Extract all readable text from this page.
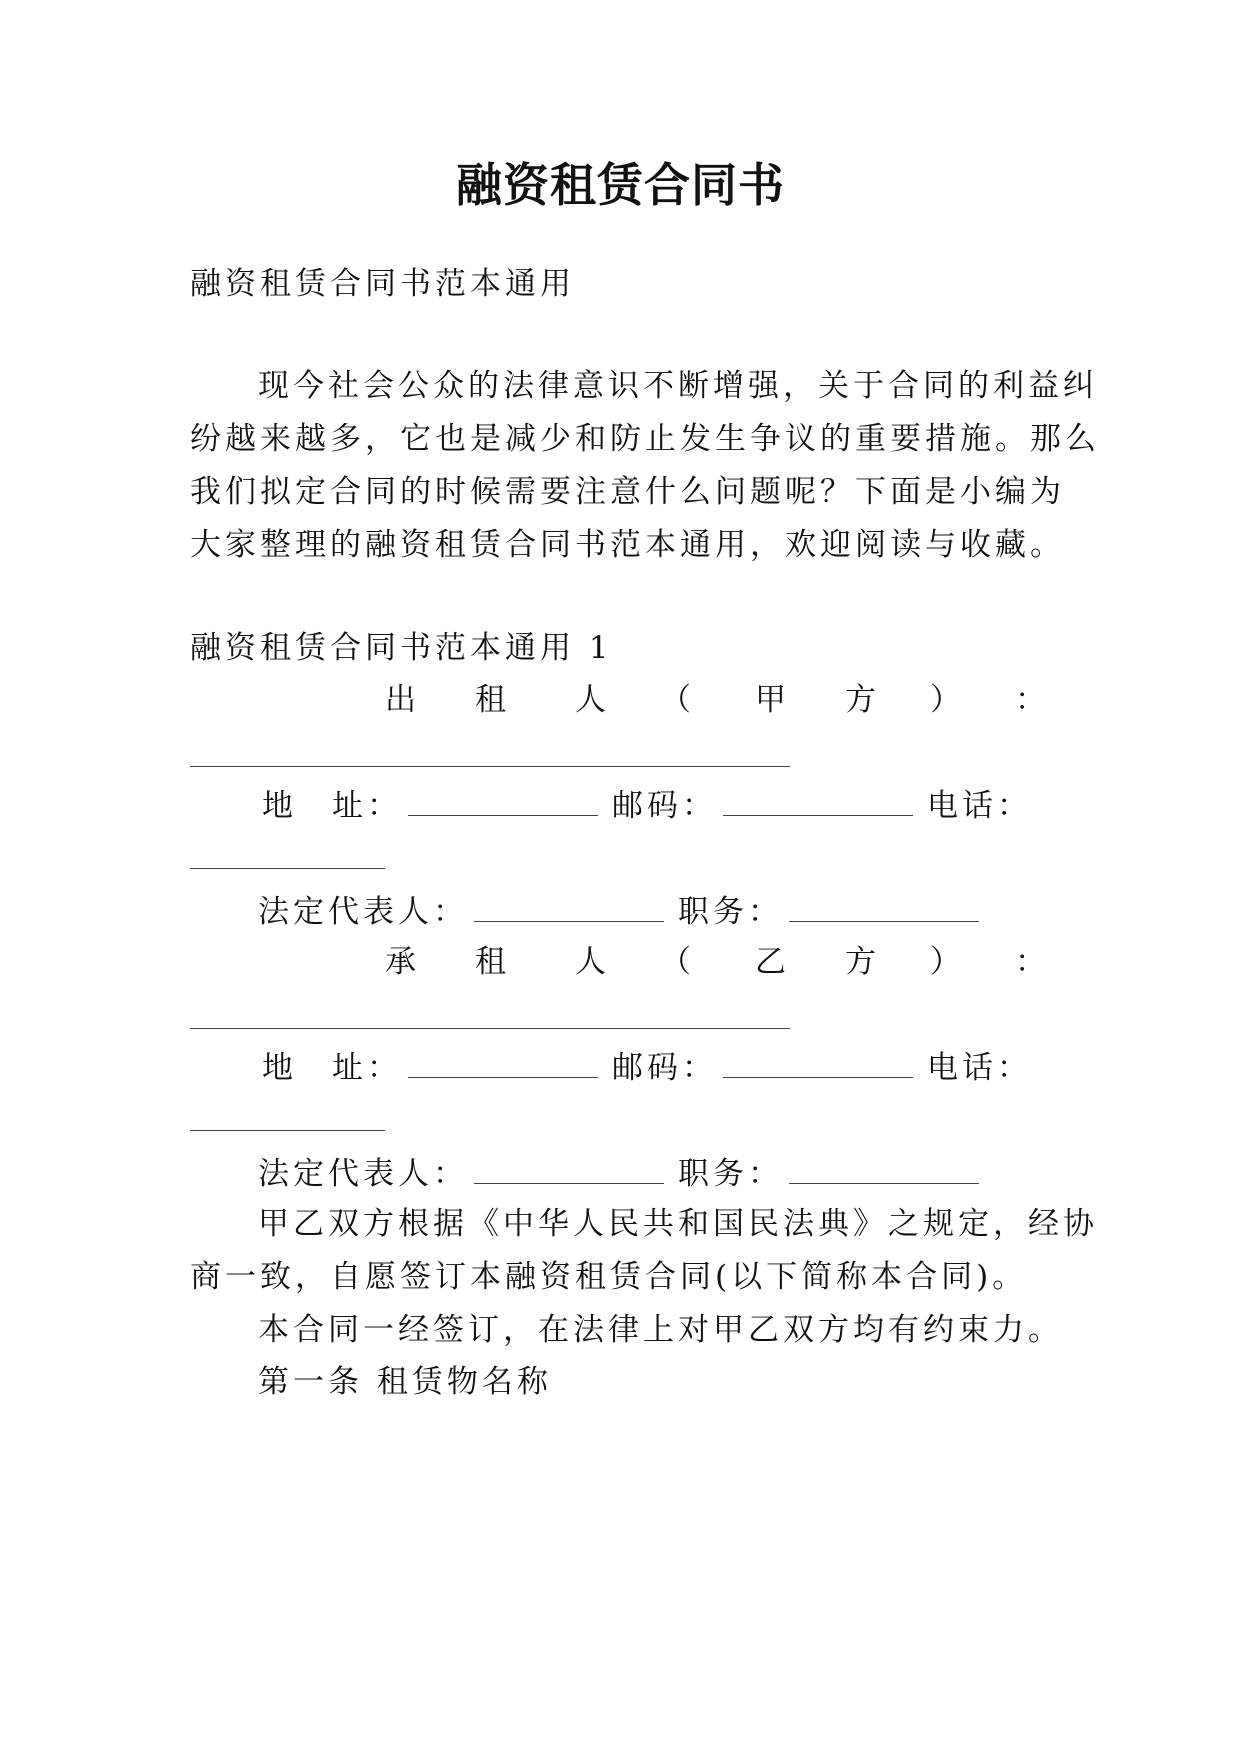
融资租赁合同书
融资租赁合同书范本通用
现今社会公众的法律意识不断增强，关于合同的利益纠
纷越来越多，它也是减少和防止发生争议的重要措施。那么
我们拟定合同的时候需要注意什么问题呢？下面是小编为
大家整理的融资租赁合同书范本通用，欢迎阅读与收藏。
融资租赁合同书范本通用 1
出 租 人 （ 甲 方 ） ：
地　址：	邮码：	电话：
法定代表人：	职务：
承 租 人 （ 乙 方 ） ：
地　址：	邮码：	电话：
法定代表人：	职务：
甲乙双方根据《中华人民共和国民法典》之规定，经协
商一致，自愿签订本融资租赁合同(以下简称本合同)。
本合同一经签订，在法律上对甲乙双方均有约束力。
第一条 租赁物名称
